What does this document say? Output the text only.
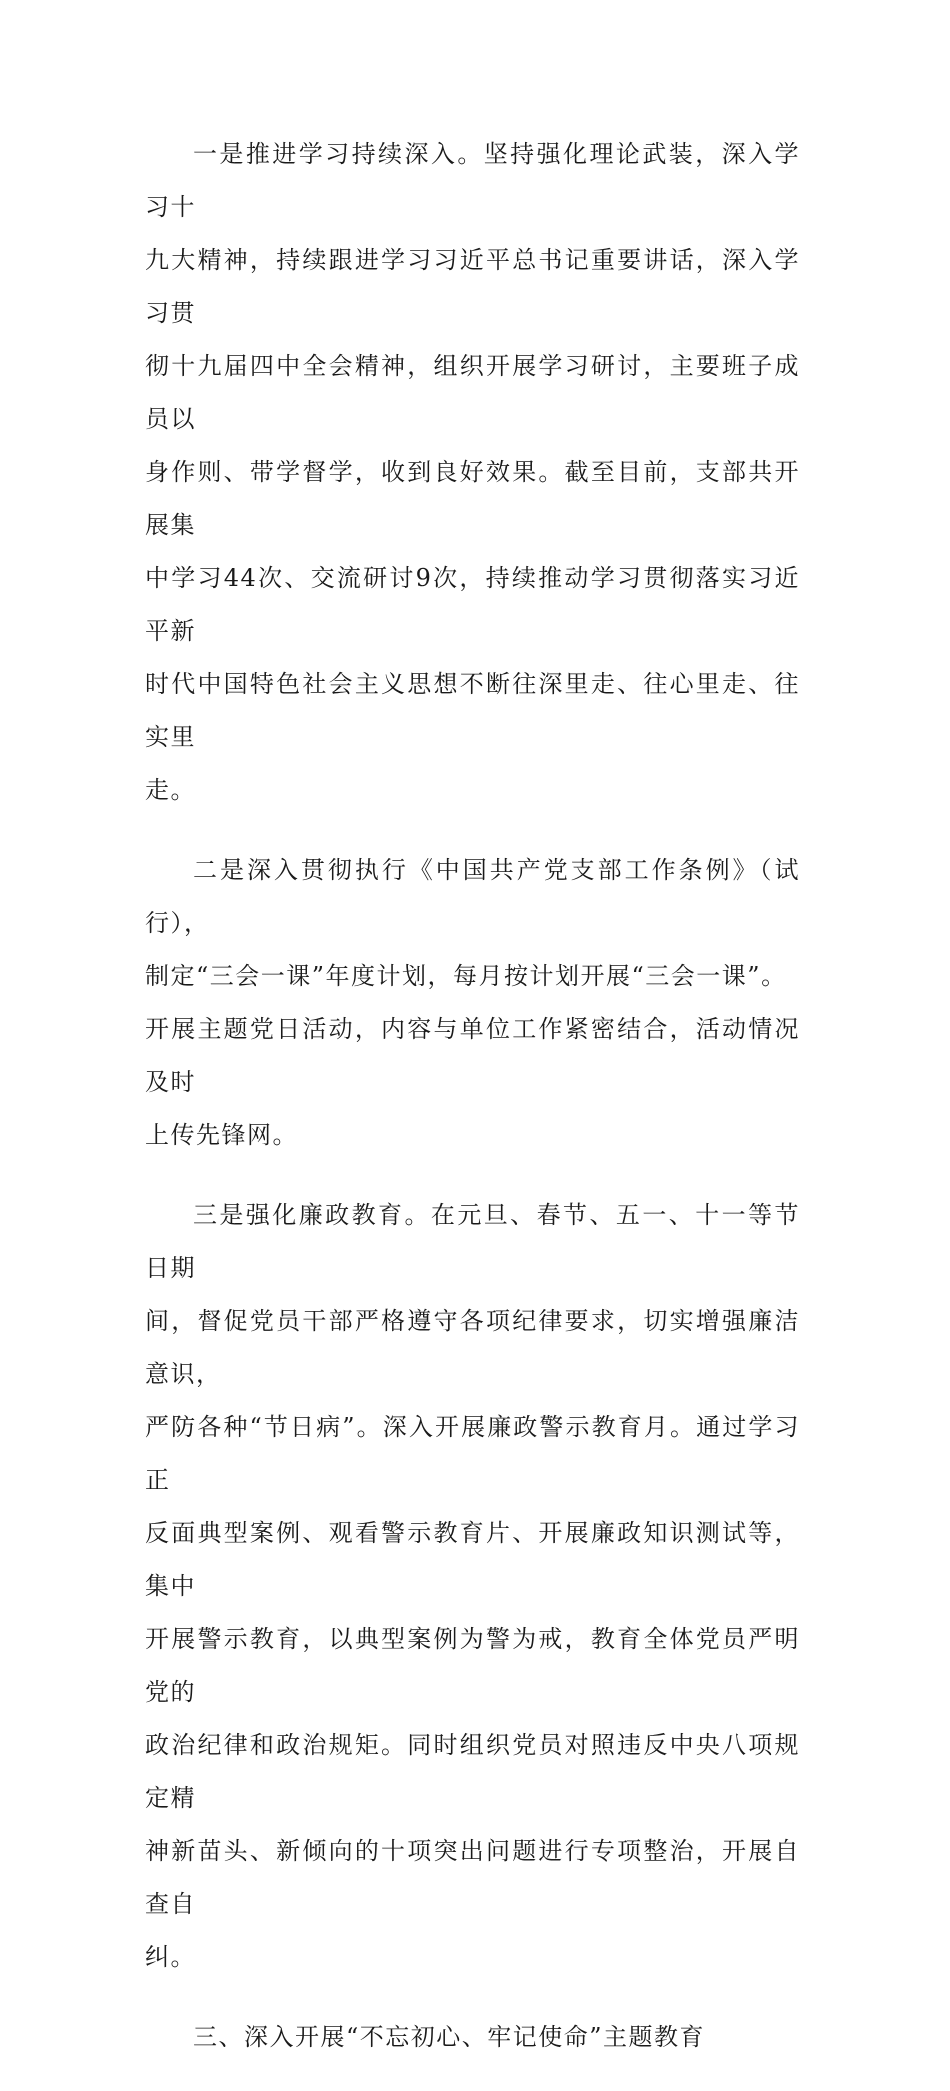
一是推进学习持续深入。坚持强化理论武装，深入学习十
九大精神，持续跟进学习习近平总书记重要讲话，深入学习贯
彻十九届四中全会精神，组织开展学习研讨，主要班子成员以
身作则、带学督学，收到良好效果。截至目前，支部共开展集
中学习44次、交流研讨9次，持续推动学习贯彻落实习近平新
时代中国特色社会主义思想不断往深里走、往心里走、往实里
走。

二是深入贯彻执行《中国共产党支部工作条例》（试行），
制定“三会一课”年度计划，每月按计划开展“三会一课”。
开展主题党日活动，内容与单位工作紧密结合，活动情况及时
上传先锋网。

三是强化廉政教育。在元旦、春节、五一、十一等节日期
间，督促党员干部严格遵守各项纪律要求，切实增强廉洁意识，
严防各种“节日病”。深入开展廉政警示教育月。通过学习正
反面典型案例、观看警示教育片、开展廉政知识测试等，集中
开展警示教育，以典型案例为警为戒，教育全体党员严明党的
政治纪律和政治规矩。同时组织党员对照违反中央八项规定精
神新苗头、新倾向的十项突出问题进行专项整治，开展自查自
纠。

三、深入开展“不忘初心、牢记使命”主题教育
